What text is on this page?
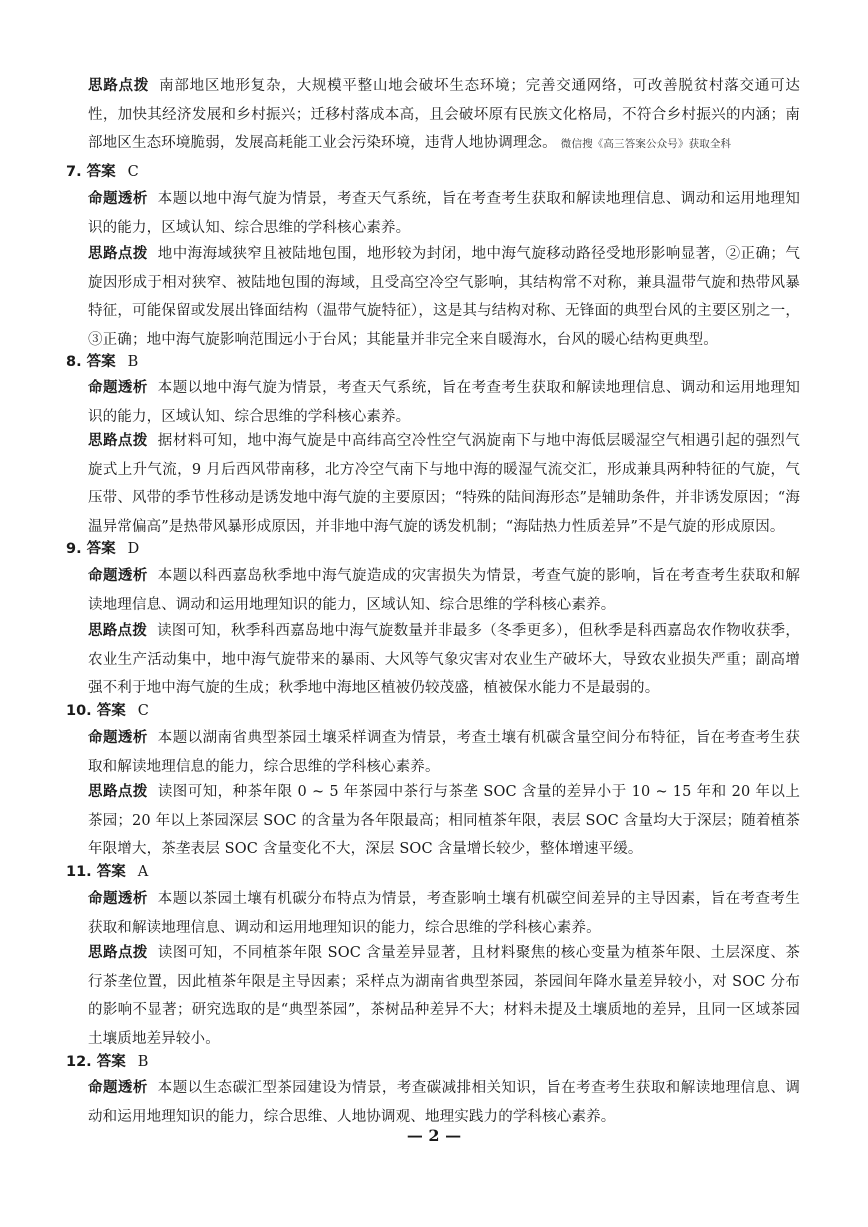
思路点拨 南部地区地形复杂，大规模平整山地会破坏生态环境；完善交通网络，可改善脱贫村落交通可达性，加快其经济发展和乡村振兴；迁移村落成本高，且会破坏原有民族文化格局，不符合乡村振兴的内涵；南部地区生态环境脆弱，发展高耗能工业会污染环境，违背人地协调理念。 微信搜《高三答案公众号》获取全科
7. 答案 C
命题透析 本题以地中海气旋为情景，考查天气系统，旨在考查考生获取和解读地理信息、调动和运用地理知识的能力，区域认知、综合思维的学科核心素养。
思路点拨 地中海海域狭窄且被陆地包围，地形较为封闭，地中海气旋移动路径受地形影响显著，②正确；气旋因形成于相对狭窄、被陆地包围的海域，且受高空冷空气影响，其结构常不对称，兼具温带气旋和热带风暴特征，可能保留或发展出锋面结构（温带气旋特征），这是其与结构对称、无锋面的典型台风的主要区别之一，③正确；地中海气旋影响范围远小于台风；其能量并非完全来自暖海水，台风的暖心结构更典型。
8. 答案 B
命题透析 本题以地中海气旋为情景，考查天气系统，旨在考查考生获取和解读地理信息、调动和运用地理知识的能力，区域认知、综合思维的学科核心素养。
思路点拨 据材料可知，地中海气旋是中高纬高空冷性空气涡旋南下与地中海低层暖湿空气相遇引起的强烈气旋式上升气流，9 月后西风带南移，北方冷空气南下与地中海的暖湿气流交汇，形成兼具两种特征的气旋，气压带、风带的季节性移动是诱发地中海气旋的主要原因；“特殊的陆间海形态”是辅助条件，并非诱发原因；“海温异常偏高”是热带风暴形成原因，并非地中海气旋的诱发机制；“海陆热力性质差异”不是气旋的形成原因。
9. 答案 D
命题透析 本题以科西嘉岛秋季地中海气旋造成的灾害损失为情景，考查气旋的影响，旨在考查考生获取和解读地理信息、调动和运用地理知识的能力，区域认知、综合思维的学科核心素养。
思路点拨 读图可知，秋季科西嘉岛地中海气旋数量并非最多（冬季更多），但秋季是科西嘉岛农作物收获季，农业生产活动集中，地中海气旋带来的暴雨、大风等气象灾害对农业生产破坏大，导致农业损失严重；副高增强不利于地中海气旋的生成；秋季地中海地区植被仍较茂盛，植被保水能力不是最弱的。
10. 答案 C
命题透析 本题以湖南省典型茶园土壤采样调查为情景，考查土壤有机碳含量空间分布特征，旨在考查考生获取和解读地理信息的能力，综合思维的学科核心素养。
思路点拨 读图可知，种茶年限 0 ~ 5 年茶园中茶行与茶垄 SOC 含量的差异小于 10 ~ 15 年和 20 年以上茶园；20 年以上茶园深层 SOC 的含量为各年限最高；相同植茶年限，表层 SOC 含量均大于深层；随着植茶年限增大，茶垄表层 SOC 含量变化不大，深层 SOC 含量增长较少，整体增速平缓。
11. 答案 A
命题透析 本题以茶园土壤有机碳分布特点为情景，考查影响土壤有机碳空间差异的主导因素，旨在考查考生获取和解读地理信息、调动和运用地理知识的能力，综合思维的学科核心素养。
思路点拨 读图可知，不同植茶年限 SOC 含量差异显著，且材料聚焦的核心变量为植茶年限、土层深度、茶行茶垄位置，因此植茶年限是主导因素；采样点为湖南省典型茶园，茶园间年降水量差异较小，对 SOC 分布的影响不显著；研究选取的是“典型茶园”，茶树品种差异不大；材料未提及土壤质地的差异，且同一区域茶园土壤质地差异较小。
12. 答案 B
命题透析 本题以生态碳汇型茶园建设为情景，考查碳减排相关知识，旨在考查考生获取和解读地理信息、调动和运用地理知识的能力，综合思维、人地协调观、地理实践力的学科核心素养。
— 2 —
